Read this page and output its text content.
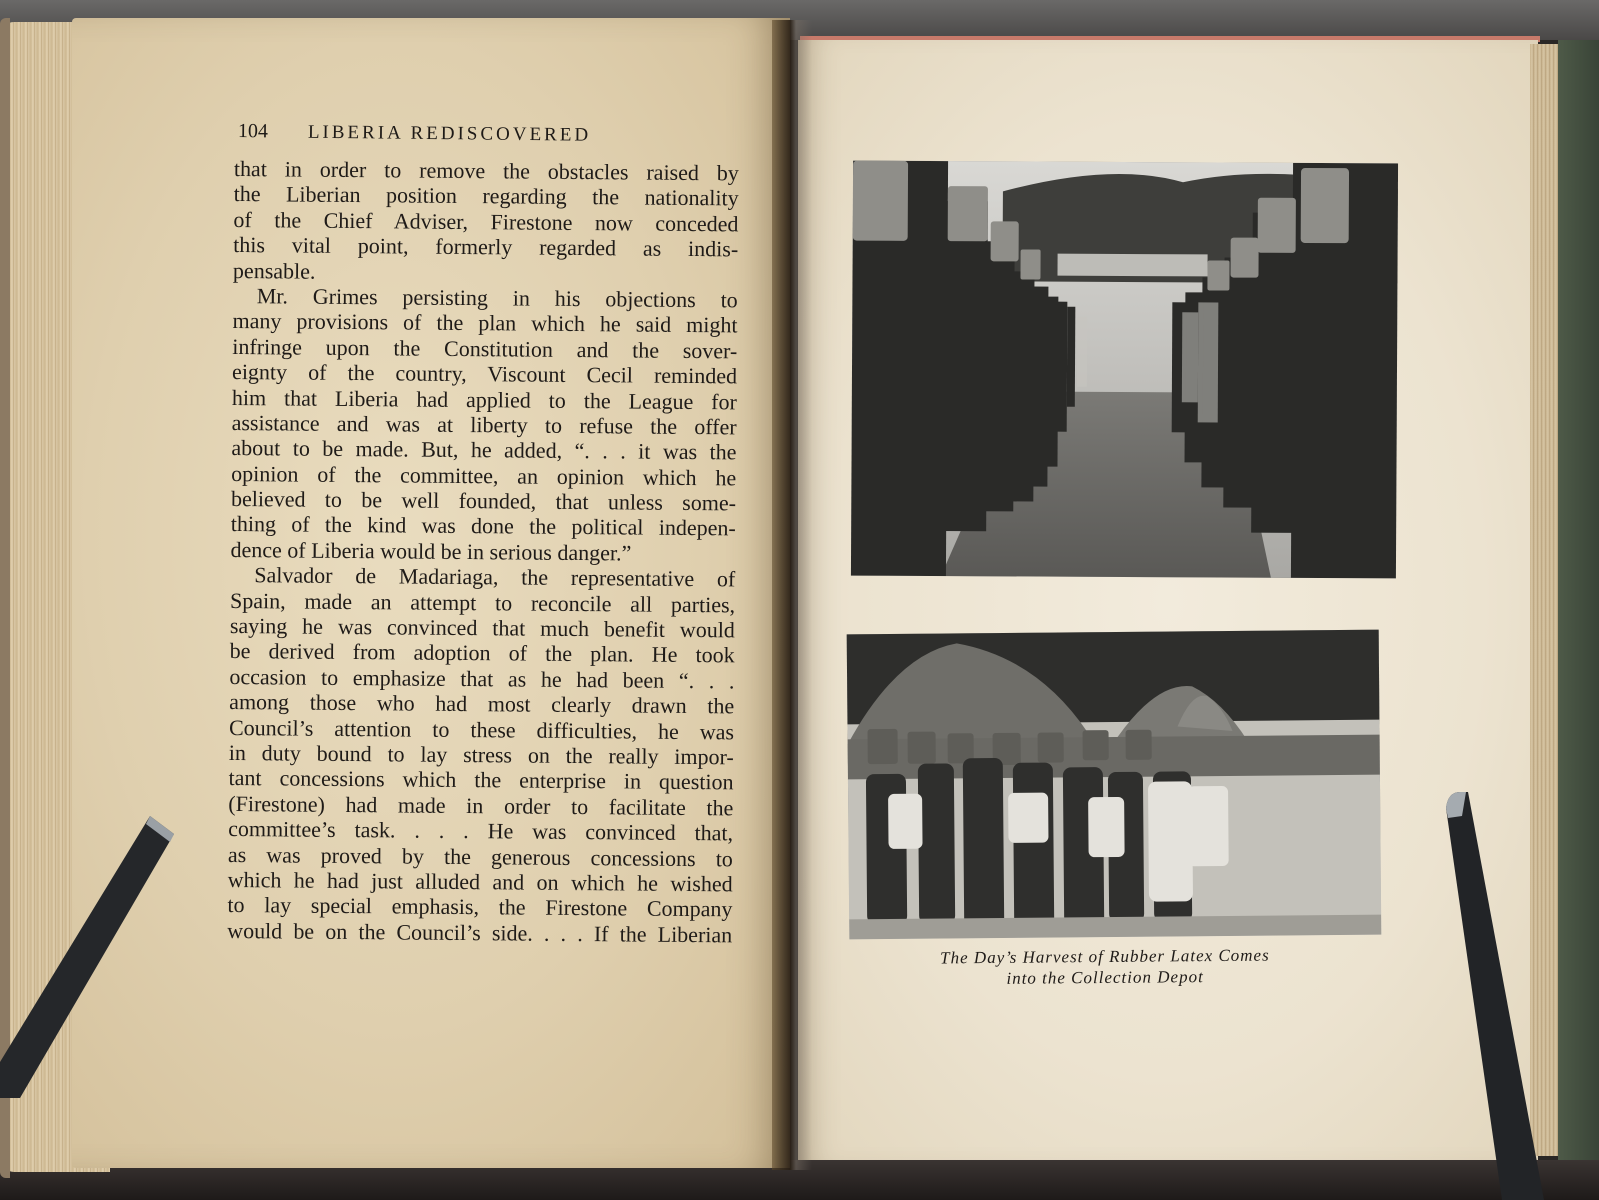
104 LIBERIA REDISCOVERED
that in order to remove the obstacles raised by
the Liberian position regarding the nationality
of the Chief Adviser, Firestone now conceded
this vital point, formerly regarded as indis-
pensable.
Mr. Grimes persisting in his objections to
many provisions of the plan which he said might
infringe upon the Constitution and the sover-
eignty of the country, Viscount Cecil reminded
him that Liberia had applied to the League for
assistance and was at liberty to refuse the offer
about to be made. But, he added, “. . . it was the
opinion of the committee, an opinion which he
believed to be well founded, that unless some-
thing of the kind was done the political indepen-
dence of Liberia would be in serious danger.”
Salvador de Madariaga, the representative of
Spain, made an attempt to reconcile all parties,
saying he was convinced that much benefit would
be derived from adoption of the plan. He took
occasion to emphasize that as he had been “. . .
among those who had most clearly drawn the
Council’s attention to these difficulties, he was
in duty bound to lay stress on the really impor-
tant concessions which the enterprise in question
(Firestone) had made in order to facilitate the
committee’s task. . . . He was convinced that,
as was proved by the generous concessions to
which he had just alluded and on which he wished
to lay special emphasis, the Firestone Company
would be on the Council’s side. . . . If the Liberian
The Day’s Harvest of Rubber Latex Comes
into the Collection Depot
